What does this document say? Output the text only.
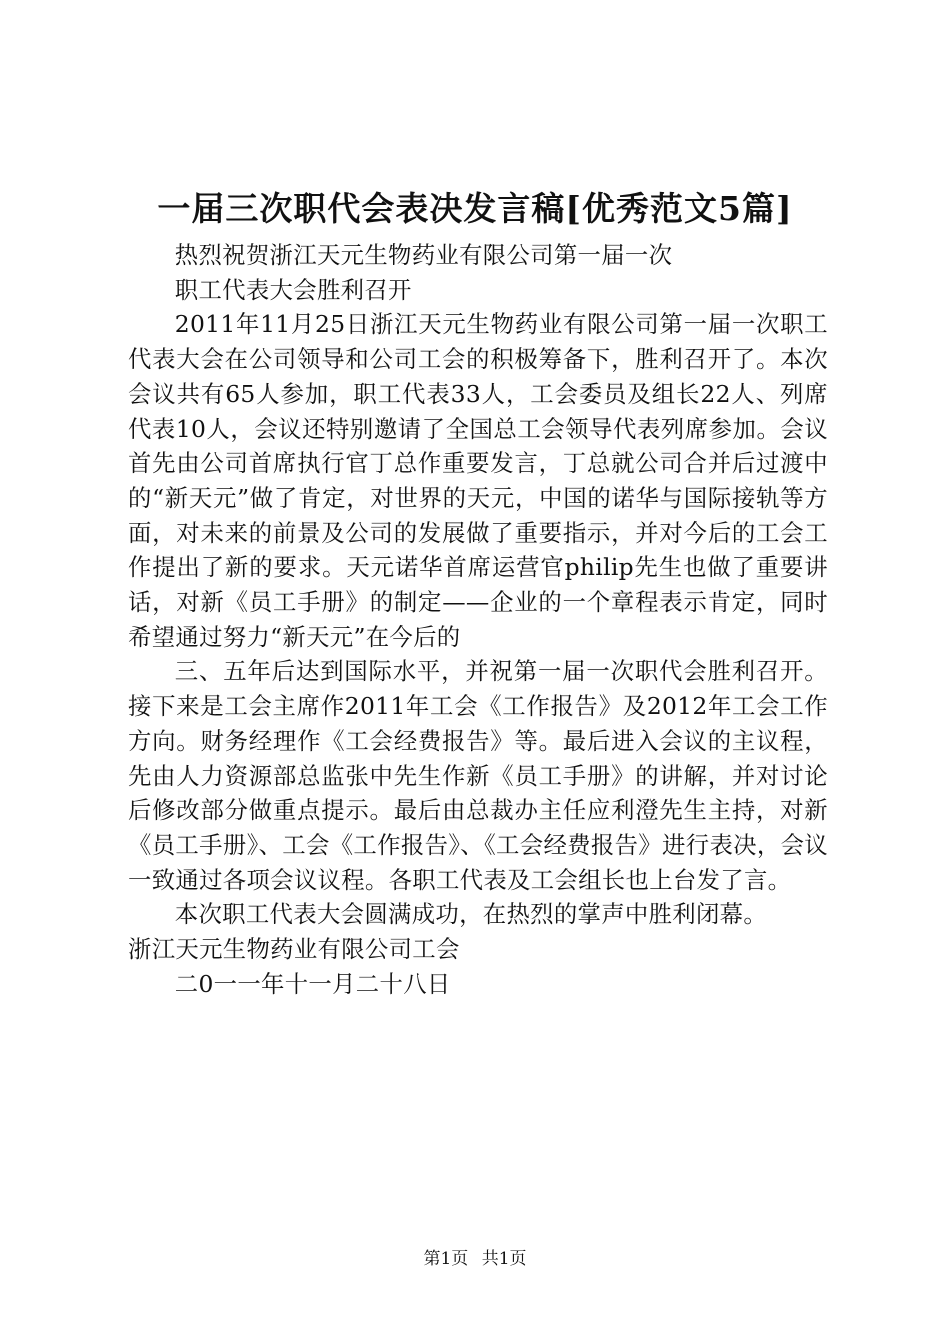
一届三次职代会表决发言稿[优秀范文5篇]

热烈祝贺浙江天元生物药业有限公司第一届一次

职工代表大会胜利召开

2011年11月25日浙江天元生物药业有限公司第一届一次职工代表大会在公司领导和公司工会的积极筹备下，胜利召开了。本次会议共有65人参加，职工代表33人，工会委员及组长22人、列席代表10人，会议还特别邀请了全国总工会领导代表列席参加。会议首先由公司首席执行官丁总作重要发言，丁总就公司合并后过渡中的“新天元”做了肯定，对世界的天元，中国的诺华与国际接轨等方面，对未来的前景及公司的发展做了重要指示，并对今后的工会工作提出了新的要求。天元诺华首席运营官philip先生也做了重要讲话，对新《员工手册》的制定——企业的一个章程表示肯定，同时希望通过努力“新天元”在今后的

三、五年后达到国际水平，并祝第一届一次职代会胜利召开。接下来是工会主席作2011年工会《工作报告》及2012年工会工作方向。财务经理作《工会经费报告》等。最后进入会议的主议程，先由人力资源部总监张中先生作新《员工手册》的讲解，并对讨论后修改部分做重点提示。最后由总裁办主任应利澄先生主持，对新《员工手册》、工会《工作报告》、《工会经费报告》进行表决，会议一致通过各项会议议程。各职工代表及工会组长也上台发了言。

本次职工代表大会圆满成功，在热烈的掌声中胜利闭幕。

浙江天元生物药业有限公司工会

二0一一年十一月二十八日

第1页 共1页
